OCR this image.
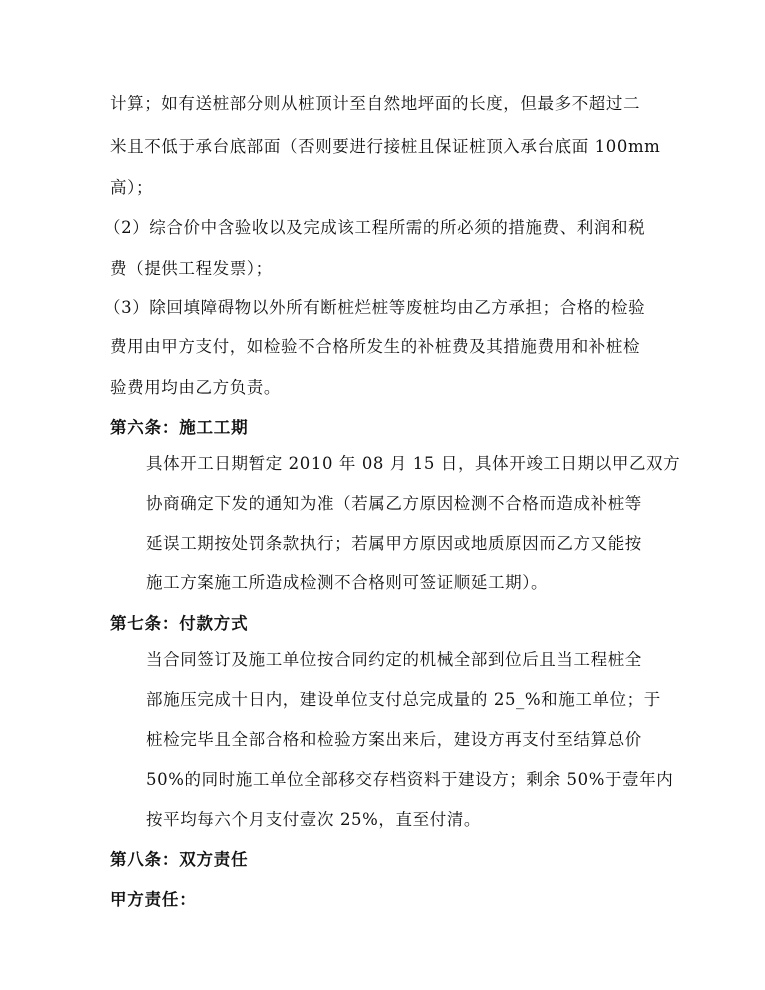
计算；如有送桩部分则从桩顶计至自然地坪面的长度，但最多不超过二
米且不低于承台底部面（否则要进行接桩且保证桩顶入承台底面 100mm
高）；
（2）综合价中含验收以及完成该工程所需的所必须的措施费、利润和税
费（提供工程发票）；
（3）除回填障碍物以外所有断桩烂桩等废桩均由乙方承担；合格的检验
费用由甲方支付，如检验不合格所发生的补桩费及其措施费用和补桩检
验费用均由乙方负责。
第六条：施工工期
具体开工日期暂定 2010 年 08 月 15 日，具体开竣工日期以甲乙双方
协商确定下发的通知为准（若属乙方原因检测不合格而造成补桩等
延误工期按处罚条款执行；若属甲方原因或地质原因而乙方又能按
施工方案施工所造成检测不合格则可签证顺延工期）。
第七条：付款方式
当合同签订及施工单位按合同约定的机械全部到位后且当工程桩全
部施压完成十日内，建设单位支付总完成量的 25_%和施工单位；于
桩检完毕且全部合格和检验方案出来后，建设方再支付至结算总价
50%的同时施工单位全部移交存档资料于建设方；剩余 50%于壹年内
按平均每六个月支付壹次 25%，直至付清。
第八条：双方责任
甲方责任：
